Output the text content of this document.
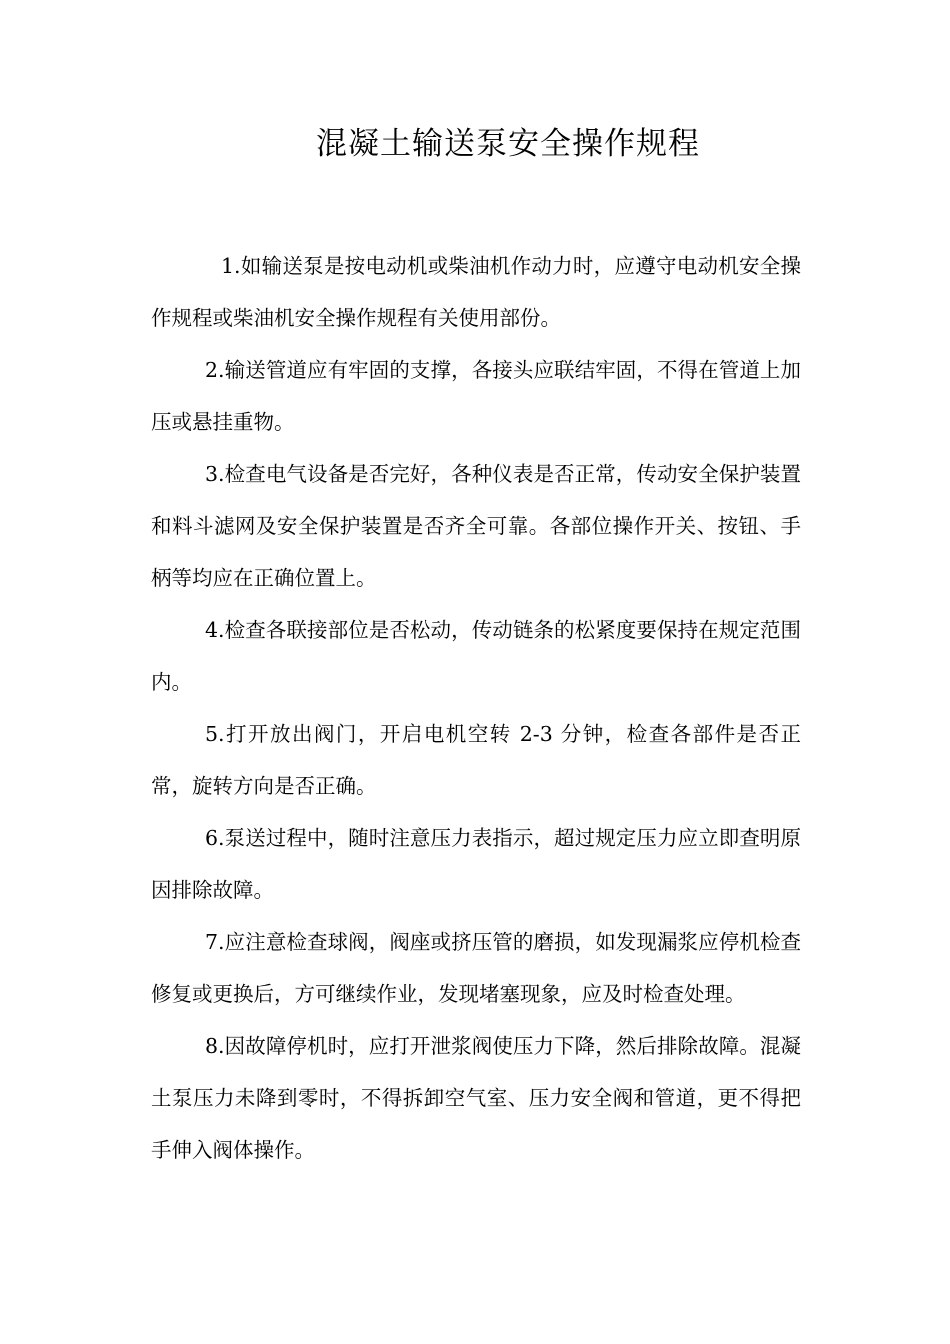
混凝土输送泵安全操作规程

1.如输送泵是按电动机或柴油机作动力时，应遵守电动机安全操作规程或柴油机安全操作规程有关使用部份。

2.输送管道应有牢固的支撑，各接头应联结牢固，不得在管道上加压或悬挂重物。

3.检查电气设备是否完好，各种仪表是否正常，传动安全保护装置和料斗滤网及安全保护装置是否齐全可靠。各部位操作开关、按钮、手柄等均应在正确位置上。

4.检查各联接部位是否松动，传动链条的松紧度要保持在规定范围内。

5.打开放出阀门，开启电机空转 2-3 分钟，检查各部件是否正常，旋转方向是否正确。

6.泵送过程中，随时注意压力表指示，超过规定压力应立即查明原因排除故障。

7.应注意检查球阀，阀座或挤压管的磨损，如发现漏浆应停机检查修复或更换后，方可继续作业，发现堵塞现象，应及时检查处理。

8.因故障停机时，应打开泄浆阀使压力下降，然后排除故障。混凝土泵压力未降到零时，不得拆卸空气室、压力安全阀和管道，更不得把手伸入阀体操作。
